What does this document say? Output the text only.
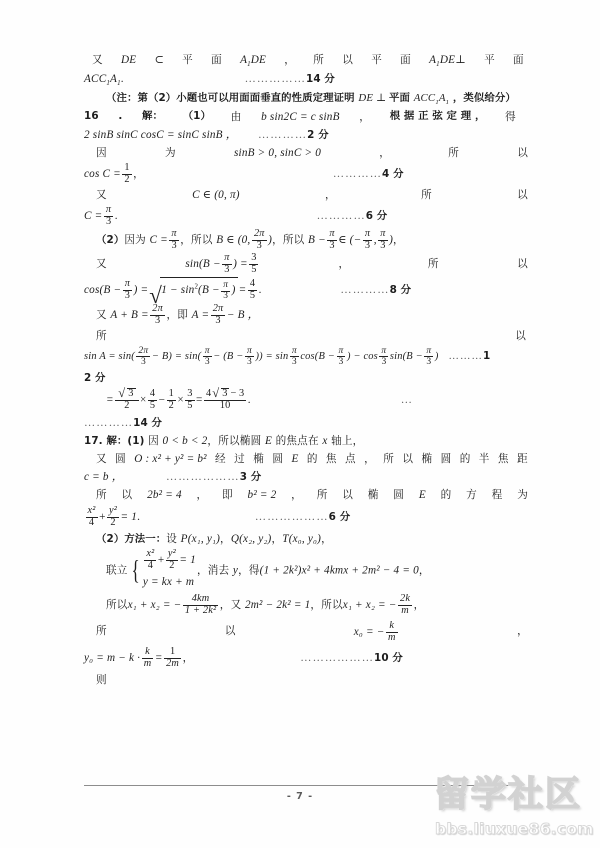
又 DE ⊂ 平 面 $A_1DE$ ， 所 以 平 面 $A_1DE\perp$ 平 面
$ACC_1A_1$.	……………14 分
（注：第（2）小题也可以用面面垂直的性质定理证明 DE ⊥ 平面 $ACC_1A_1$ ，类似给分）
16 . 解： （1） 由 b sin2C = c sinB ， 根 据 正 弦 定 理 ， 得
2 sinB sinC cosC = sinC sinB ， …………2 分
因	为	sinB > 0, sinC > 0	，	所	以
$\cos C = \frac{1}{2}$ ，	…………4 分
又	C ∈ (0, π)	，	所	以
$C = \frac{\pi}{3}$ .	…………6 分
（2）因为 $C = \frac{\pi}{3}$ ，所以 B ∈ (0, $\frac{2\pi}{3}$ )，所以 $B - \frac{\pi}{3}$ ∈ (− $\frac{\pi}{3}$ , $\frac{\pi}{3}$ )，
又	$\sin(B - \frac{\pi}{3}$ ) = $\frac{3}{5}$	，	所	以
$\cos(B - \frac{\pi}{3}$ ) = √ $1 - \sin^2(B - \frac{\pi}{3}$ ) = $\frac{4}{5}$ .	…………8 分
又 $A + B = \frac{2\pi}{3}$ ，即 $A = \frac{2\pi}{3} - B$ ，
所	以
$\sin A = \sin( \frac{2\pi}{3} - B) = \sin( \frac{\pi}{3} - (B - \frac{\pi}{3}$ )) = $\sin \frac{\pi}{3} \cos(B - \frac{\pi}{3}$ ) − $\cos \frac{\pi}{3} \sin(B - \frac{\pi}{3}$ ) ………1
2 分
= √ $\frac{3}{2} \times \frac{4}{5} - \frac{1}{2} \times \frac{3}{5} = \frac{4 √ 3 - 3}{10}$ .	…
…………14 分
17. 解：(1) 因 0 < b < 2，所以椭圆 E 的焦点在 x 轴上，
又 圆 O : x² + y² = b² 经 过 椭 圆 E 的 焦 点 ， 所 以 椭 圆 的 半 焦 距
c = b ，	………………3 分
所 以 2b² = 4 ， 即 b² = 2 ， 所 以 椭 圆 E 的 方 程 为
$\frac{\text{x²}}{4} + \frac{\text{y²}}{2} = 1$.	………………6 分
（2）方法一：设 P(x₁, y₁)，Q(x₂, y₂)，T(x₀, y₀)，
联立 { $\frac{\text{x²}}{4} + \frac{\text{y²}}{2} = 1$
y = kx + m
，消去 y，得(1 + 2k²)x² + 4kmx + 2m² − 4 = 0，
所以x₁ + x₂ = − $\frac{4km}{\text{1 + 2k²}}$ ，又 2m² − 2k² = 1，所以x₁ + x₂ = − $\frac{2k}{m}$ ，
所	以	x₀ = − $\frac{k}{m}$	，
$y_0 = m - k \cdot \frac{k}{m} = \frac{1}{2m}$ ，	………………10 分
则
- 7 -	留学社区
bbs.liuxue86.com
